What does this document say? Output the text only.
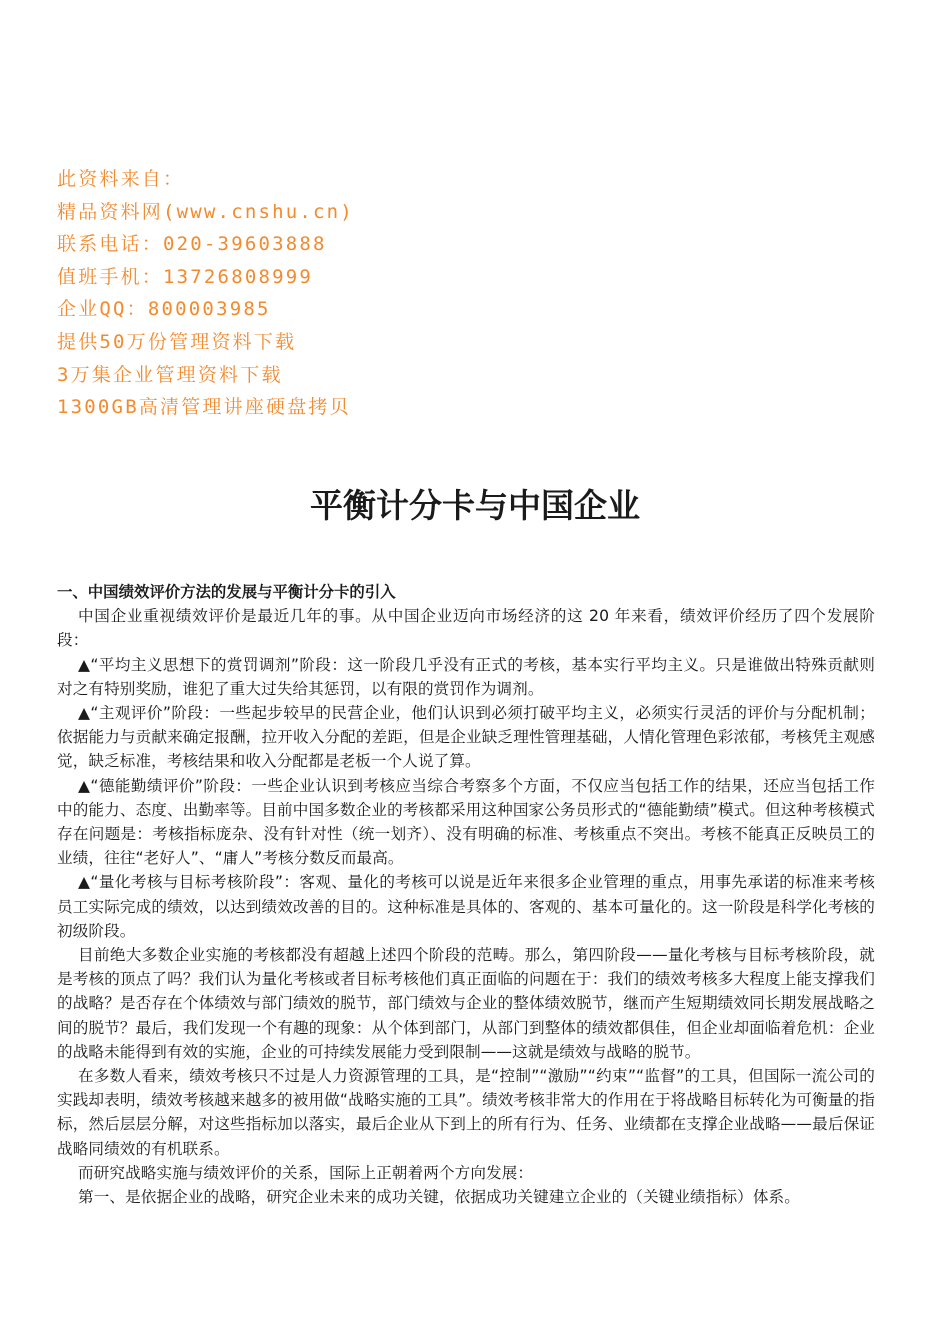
此资料来自：
精品资料网(www.cnshu.cn)
联系电话：020-39603888
值班手机：13726808999
企业QQ：800003985
提供50万份管理资料下载
3万集企业管理资料下载
1300GB高清管理讲座硬盘拷贝
平衡计分卡与中国企业

一、中国绩效评价方法的发展与平衡计分卡的引入

中国企业重视绩效评价是最近几年的事。从中国企业迈向市场经济的这 20 年来看，绩效评价经历了四个发展阶段：

▲“平均主义思想下的赏罚调剂”阶段：这一阶段几乎没有正式的考核，基本实行平均主义。只是谁做出特殊贡献则对之有特别奖励，谁犯了重大过失给其惩罚，以有限的赏罚作为调剂。

▲“主观评价”阶段：一些起步较早的民营企业，他们认识到必须打破平均主义，必须实行灵活的评价与分配机制；依据能力与贡献来确定报酬，拉开收入分配的差距，但是企业缺乏理性管理基础，人情化管理色彩浓郁，考核凭主观感觉，缺乏标准，考核结果和收入分配都是老板一个人说了算。

▲“德能勤绩评价”阶段：一些企业认识到考核应当综合考察多个方面，不仅应当包括工作的结果，还应当包括工作中的能力、态度、出勤率等。目前中国多数企业的考核都采用这种国家公务员形式的“德能勤绩”模式。但这种考核模式存在问题是：考核指标庞杂、没有针对性（统一划齐）、没有明确的标准、考核重点不突出。考核不能真正反映员工的业绩，往往“老好人”、“庸人”考核分数反而最高。

▲“量化考核与目标考核阶段”：客观、量化的考核可以说是近年来很多企业管理的重点，用事先承诺的标准来考核员工实际完成的绩效，以达到绩效改善的目的。这种标准是具体的、客观的、基本可量化的。这一阶段是科学化考核的初级阶段。

目前绝大多数企业实施的考核都没有超越上述四个阶段的范畴。那么，第四阶段——量化考核与目标考核阶段，就是考核的顶点了吗？我们认为量化考核或者目标考核他们真正面临的问题在于：我们的绩效考核多大程度上能支撑我们的战略？是否存在个体绩效与部门绩效的脱节，部门绩效与企业的整体绩效脱节，继而产生短期绩效同长期发展战略之间的脱节？最后，我们发现一个有趣的现象：从个体到部门，从部门到整体的绩效都俱佳，但企业却面临着危机：企业的战略未能得到有效的实施，企业的可持续发展能力受到限制——这就是绩效与战略的脱节。

在多数人看来，绩效考核只不过是人力资源管理的工具，是“控制”“激励”“约束”“监督”的工具，但国际一流公司的实践却表明，绩效考核越来越多的被用做“战略实施的工具”。绩效考核非常大的作用在于将战略目标转化为可衡量的指标，然后层层分解，对这些指标加以落实，最后企业从下到上的所有行为、任务、业绩都在支撑企业战略——最后保证战略同绩效的有机联系。

而研究战略实施与绩效评价的关系，国际上正朝着两个方向发展：

第一、是依据企业的战略，研究企业未来的成功关键，依据成功关键建立企业的（关键业绩指标）体系。
